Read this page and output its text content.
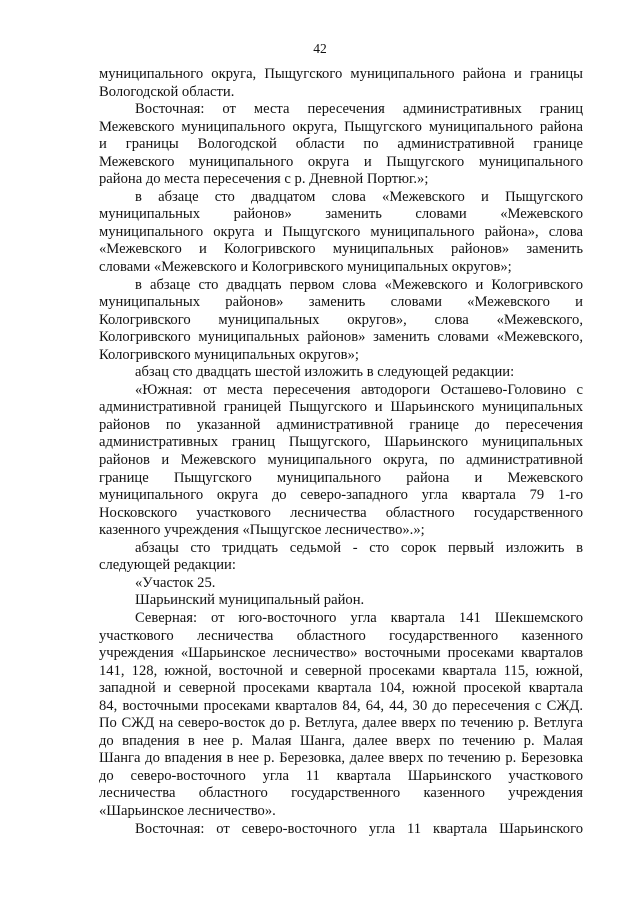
42
муниципального округа, Пыщугского муниципального района и границы
Вологодской области.
Восточная: от места пересечения административных границ
Межевского муниципального округа, Пыщугского муниципального района
и границы Вологодской области по административной границе
Межевского муниципального округа и Пыщугского муниципального
района до места пересечения с р. Дневной Портюг.»;
в абзаце сто двадцатом слова «Межевского и Пыщугского
муниципальных районов» заменить словами «Межевского
муниципального округа и Пыщугского муниципального района», слова
«Межевского и Кологривского муниципальных районов» заменить
словами «Межевского и Кологривского муниципальных округов»;
в абзаце сто двадцать первом слова «Межевского и Кологривского
муниципальных районов» заменить словами «Межевского и
Кологривского муниципальных округов», слова «Межевского,
Кологривского муниципальных районов» заменить словами «Межевского,
Кологривского муниципальных округов»;
абзац сто двадцать шестой изложить в следующей редакции:
«Южная: от места пересечения автодороги Осташево-Головино с
административной границей Пыщугского и Шарьинского муниципальных
районов по указанной административной границе до пересечения
административных границ Пыщугского, Шарьинского муниципальных
районов и Межевского муниципального округа, по административной
границе Пыщугского муниципального района и Межевского
муниципального округа до северо-западного угла квартала 79 1-го
Носковского участкового лесничества областного государственного
казенного учреждения «Пыщугское лесничество».»;
абзацы сто тридцать седьмой - сто сорок первый изложить в
следующей редакции:
«Участок 25.
Шарьинский муниципальный район.
Северная: от юго-восточного угла квартала 141 Шекшемского
участкового лесничества областного государственного казенного
учреждения «Шарьинское лесничество» восточными просеками кварталов
141, 128, южной, восточной и северной просеками квартала 115, южной,
западной и северной просеками квартала 104, южной просекой квартала
84, восточными просеками кварталов 84, 64, 44, 30 до пересечения с СЖД.
По СЖД на северо-восток до р. Ветлуга, далее вверх по течению р. Ветлуга
до впадения в нее р. Малая Шанга, далее вверх по течению р. Малая
Шанга до впадения в нее р. Березовка, далее вверх по течению р. Березовка
до северо-восточного угла 11 квартала Шарьинского участкового
лесничества областного государственного казенного учреждения
«Шарьинское лесничество».
Восточная: от северо-восточного угла 11 квартала Шарьинского
